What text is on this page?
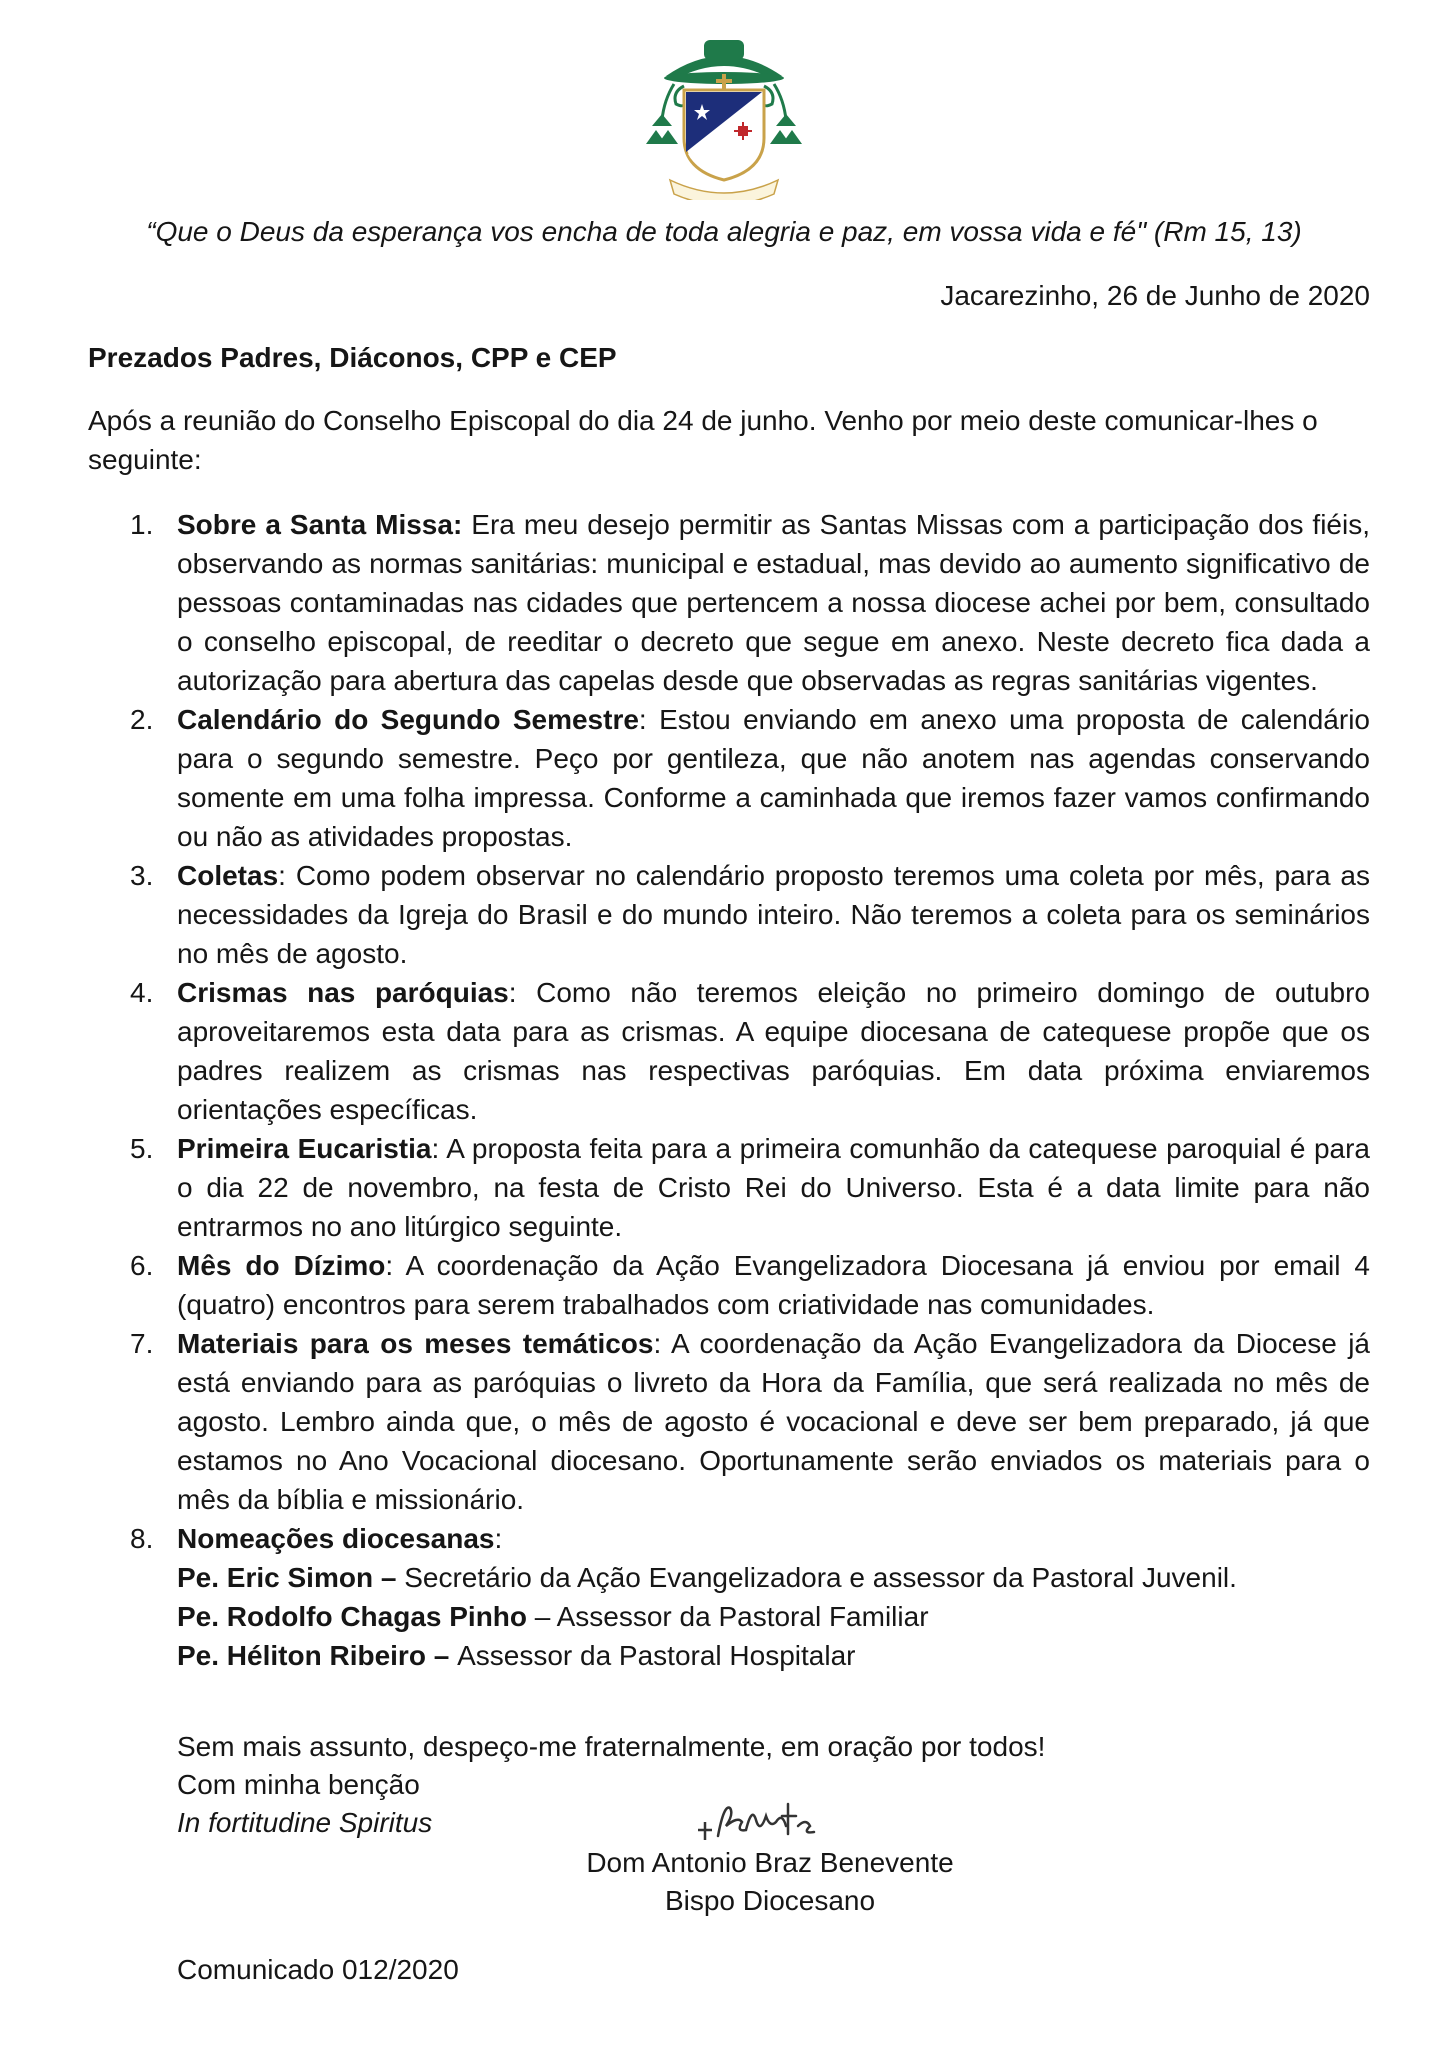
“Que o Deus da esperança vos encha de toda alegria e paz, em vossa vida e fé" (Rm 15, 13)
Jacarezinho, 26 de Junho de 2020
Prezados Padres, Diáconos, CPP e CEP
Após a reunião do Conselho Episcopal do dia 24 de junho. Venho por meio deste comunicar-lhes o seguinte:
1. Sobre a Santa Missa: Era meu desejo permitir as Santas Missas com a participação dos fiéis, observando as normas sanitárias: municipal e estadual, mas devido ao aumento significativo de pessoas contaminadas nas cidades que pertencem a nossa diocese achei por bem, consultado o conselho episcopal, de reeditar o decreto que segue em anexo. Neste decreto fica dada a autorização para abertura das capelas desde que observadas as regras sanitárias vigentes.
2. Calendário do Segundo Semestre: Estou enviando em anexo uma proposta de calendário para o segundo semestre. Peço por gentileza, que não anotem nas agendas conservando somente em uma folha impressa. Conforme a caminhada que iremos fazer vamos confirmando ou não as atividades propostas.
3. Coletas: Como podem observar no calendário proposto teremos uma coleta por mês, para as necessidades da Igreja do Brasil e do mundo inteiro. Não teremos a coleta para os seminários no mês de agosto.
4. Crismas nas paróquias: Como não teremos eleição no primeiro domingo de outubro aproveitaremos esta data para as crismas. A equipe diocesana de catequese propõe que os padres realizem as crismas nas respectivas paróquias. Em data próxima enviaremos orientações específicas.
5. Primeira Eucaristia: A proposta feita para a primeira comunhão da catequese paroquial é para o dia 22 de novembro, na festa de Cristo Rei do Universo. Esta é a data limite para não entrarmos no ano litúrgico seguinte.
6. Mês do Dízimo: A coordenação da Ação Evangelizadora Diocesana já enviou por email 4 (quatro) encontros para serem trabalhados com criatividade nas comunidades.
7. Materiais para os meses temáticos: A coordenação da Ação Evangelizadora da Diocese já está enviando para as paróquias o livreto da Hora da Família, que será realizada no mês de agosto. Lembro ainda que, o mês de agosto é vocacional e deve ser bem preparado, já que estamos no Ano Vocacional diocesano. Oportunamente serão enviados os materiais para o mês da bíblia e missionário.
8. Nomeações diocesanas:
Pe. Eric Simon – Secretário da Ação Evangelizadora e assessor da Pastoral Juvenil.
Pe. Rodolfo Chagas Pinho – Assessor da Pastoral Familiar
Pe. Héliton Ribeiro – Assessor da Pastoral Hospitalar
Sem mais assunto, despeço-me fraternalmente, em oração por todos!
Com minha benção
In fortitudine Spiritus
Dom Antonio Braz Benevente
Bispo Diocesano
Comunicado 012/2020
